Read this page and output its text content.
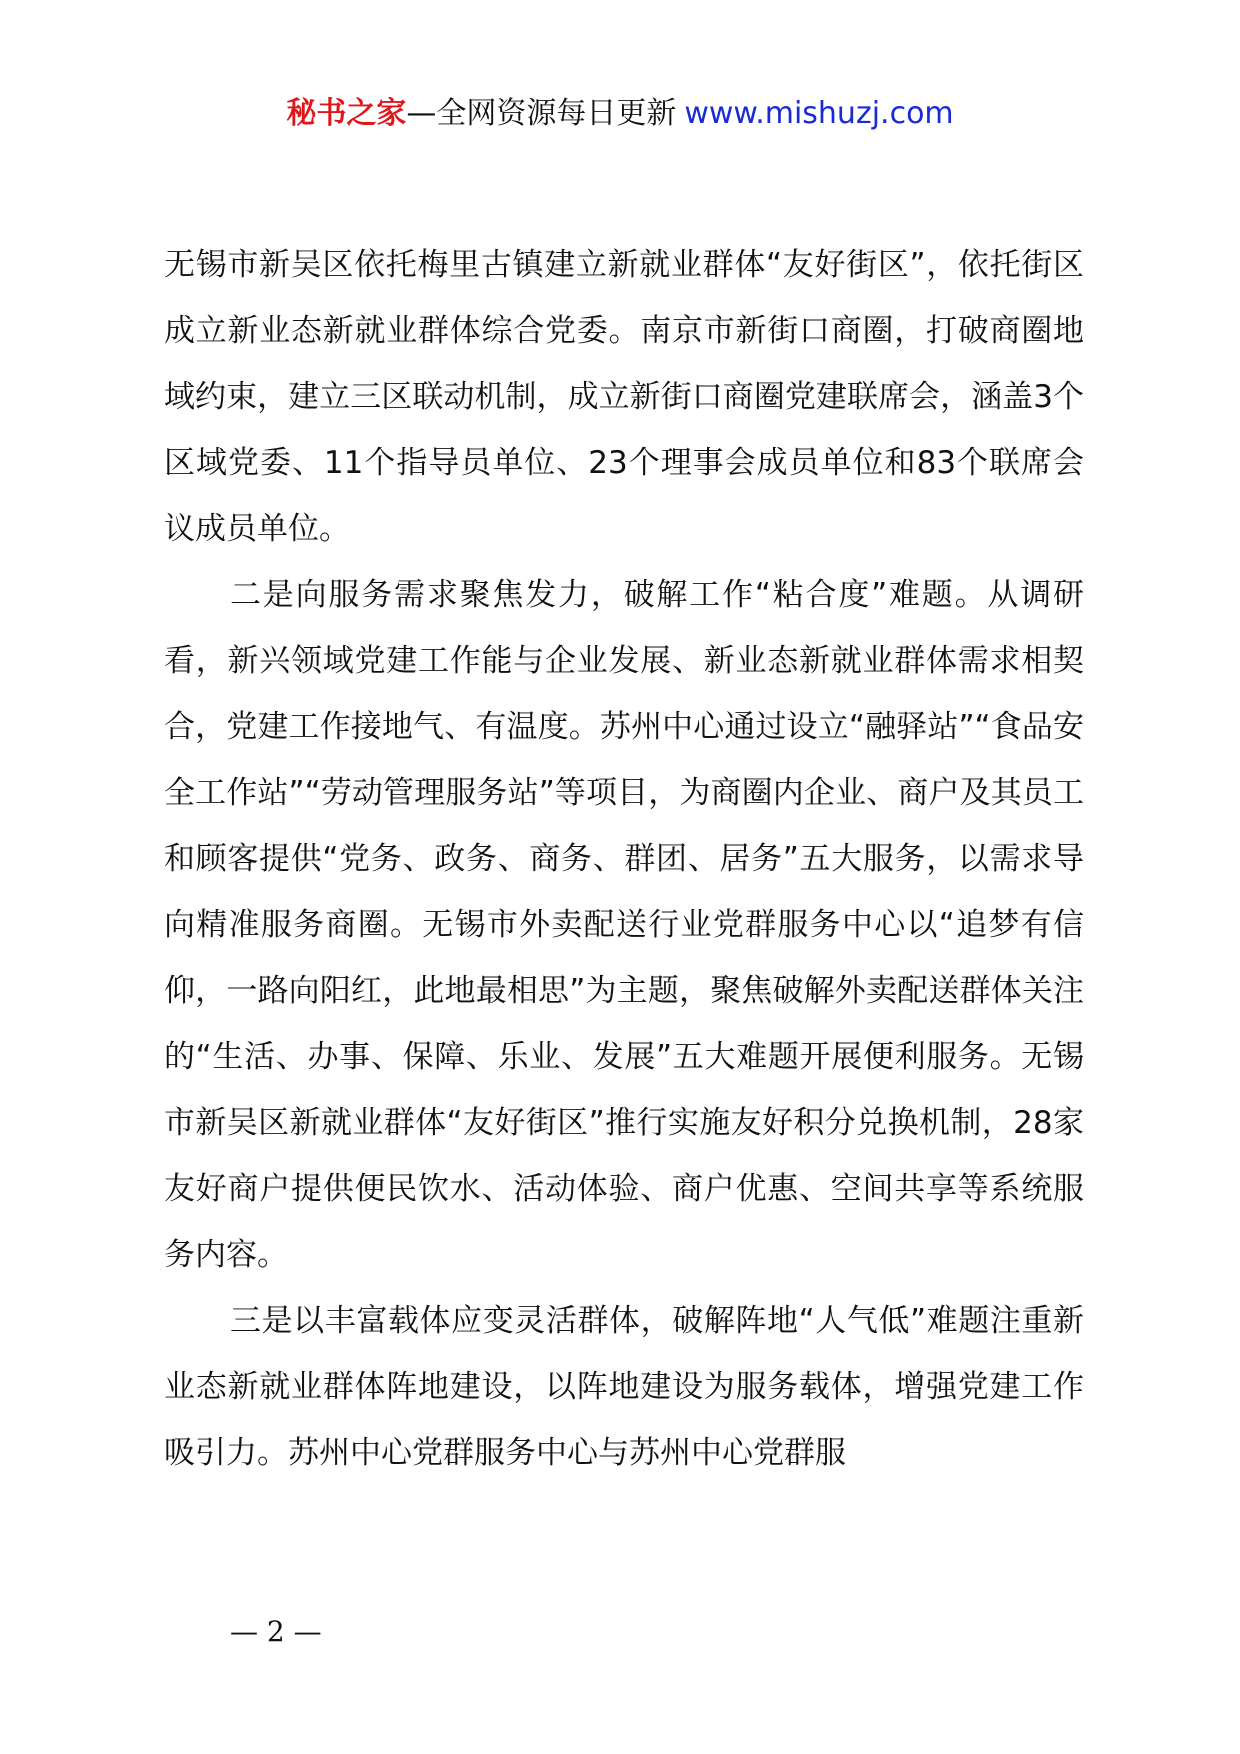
秘书之家—全网资源每日更新 www.mishuzj.com

无锡市新吴区依托梅里古镇建立新就业群体“友好街区”，依托街区成立新业态新就业群体综合党委。南京市新街口商圈，打破商圈地域约束，建立三区联动机制，成立新街口商圈党建联席会，涵盖3个区域党委、11个指导员单位、23个理事会成员单位和83个联席会议成员单位。

二是向服务需求聚焦发力，破解工作“粘合度”难题。从调研看，新兴领域党建工作能与企业发展、新业态新就业群体需求相契合，党建工作接地气、有温度。苏州中心通过设立“融驿站”“食品安全工作站”“劳动管理服务站”等项目，为商圈内企业、商户及其员工和顾客提供“党务、政务、商务、群团、居务”五大服务，以需求导向精准服务商圈。无锡市外卖配送行业党群服务中心以“追梦有信仰，一路向阳红，此地最相思”为主题，聚焦破解外卖配送群体关注的“生活、办事、保障、乐业、发展”五大难题开展便利服务。无锡市新吴区新就业群体“友好街区”推行实施友好积分兑换机制，28家友好商户提供便民饮水、活动体验、商户优惠、空间共享等系统服务内容。

三是以丰富载体应变灵活群体，破解阵地“人气低”难题注重新业态新就业群体阵地建设，以阵地建设为服务载体，增强党建工作吸引力。苏州中心党群服务中心与苏州中心党群服

— 2 —
